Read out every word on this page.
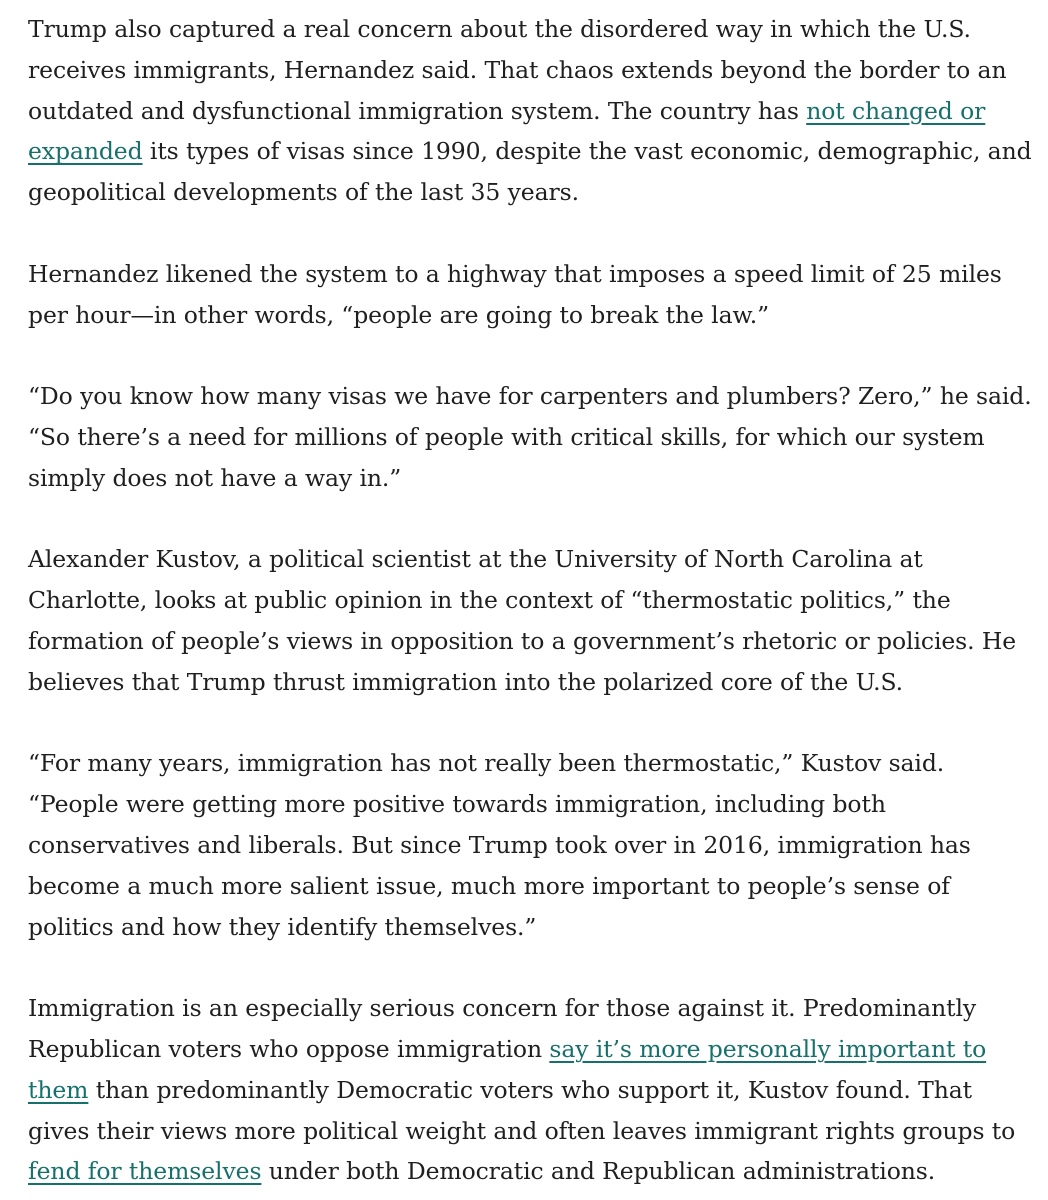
Trump also captured a real concern about the disordered way in which the U.S. receives immigrants, Hernandez said. That chaos extends beyond the border to an outdated and dysfunctional immigration system. The country has not changed or expanded its types of visas since 1990, despite the vast economic, demographic, and geopolitical developments of the last 35 years.

Hernandez likened the system to a highway that imposes a speed limit of 25 miles per hour—in other words, “people are going to break the law.”

“Do you know how many visas we have for carpenters and plumbers? Zero,” he said. “So there’s a need for millions of people with critical skills, for which our system simply does not have a way in.”

Alexander Kustov, a political scientist at the University of North Carolina at Charlotte, looks at public opinion in the context of “thermostatic politics,” the formation of people’s views in opposition to a government’s rhetoric or policies. He believes that Trump thrust immigration into the polarized core of the U.S.

“For many years, immigration has not really been thermostatic,” Kustov said. “People were getting more positive towards immigration, including both conservatives and liberals. But since Trump took over in 2016, immigration has become a much more salient issue, much more important to people’s sense of politics and how they identify themselves.”

Immigration is an especially serious concern for those against it. Predominantly Republican voters who oppose immigration say it’s more personally important to them than predominantly Democratic voters who support it, Kustov found. That gives their views more political weight and often leaves immigrant rights groups to fend for themselves under both Democratic and Republican administrations.
